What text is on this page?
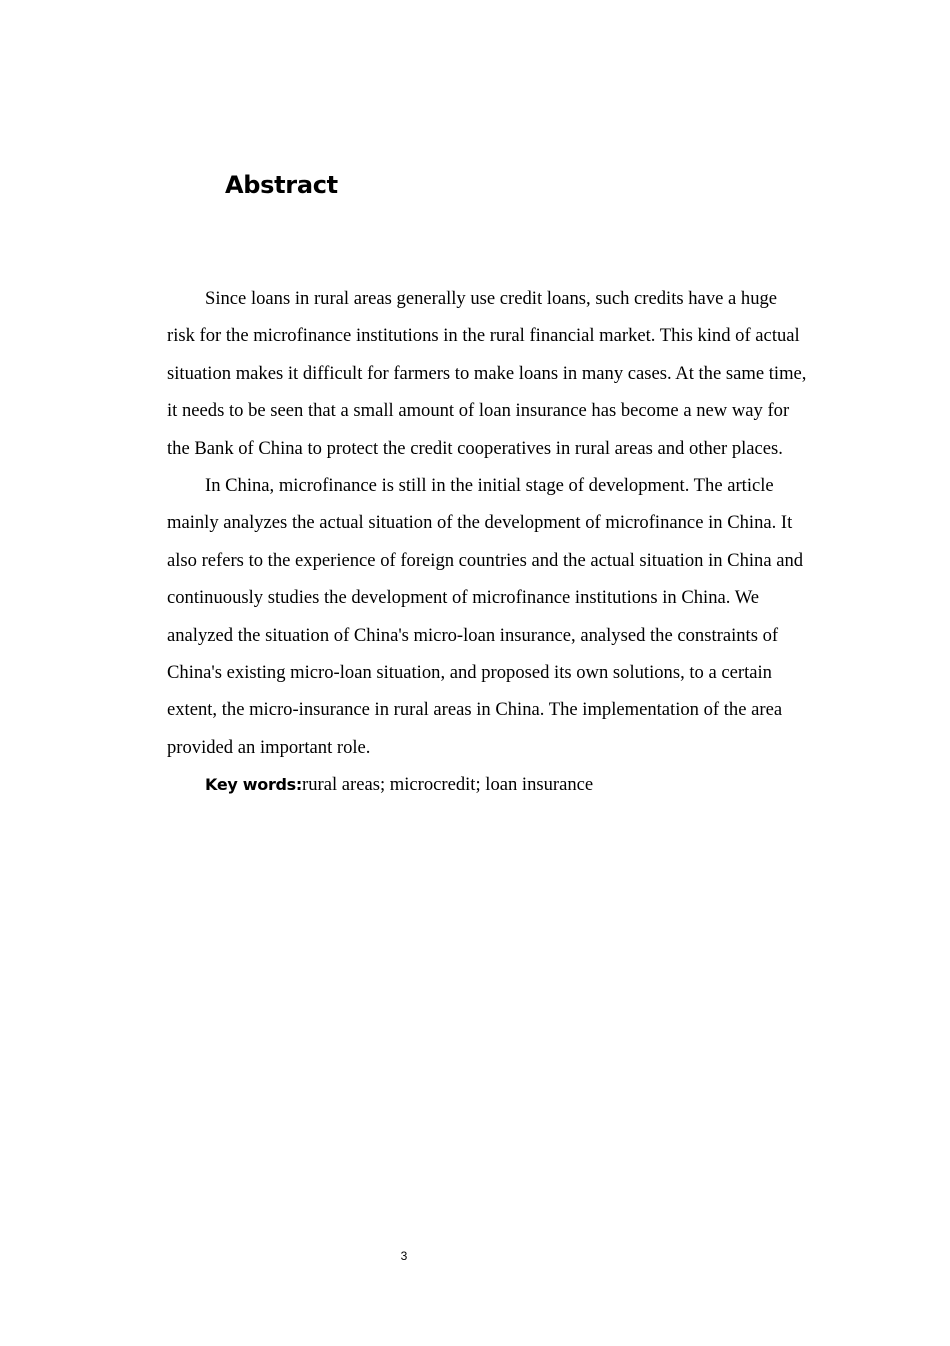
Abstract

Since loans in rural areas generally use credit loans, such credits have a huge risk for the microfinance institutions in the rural financial market. This kind of actual situation makes it difficult for farmers to make loans in many cases. At the same time, it needs to be seen that a small amount of loan insurance has become a new way for the Bank of China to protect the credit cooperatives in rural areas and other places.

In China, microfinance is still in the initial stage of development. The article mainly analyzes the actual situation of the development of microfinance in China. It also refers to the experience of foreign countries and the actual situation in China and continuously studies the development of microfinance institutions in China. We analyzed the situation of China's micro-loan insurance, analysed the constraints of China's existing micro-loan situation, and proposed its own solutions, to a certain extent, the micro-insurance in rural areas in China. The implementation of the area provided an important role.

Key words:rural areas; microcredit; loan insurance

3
